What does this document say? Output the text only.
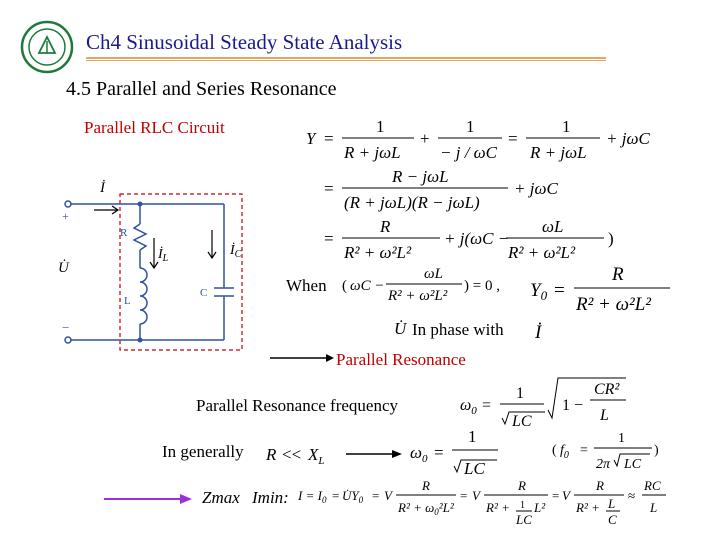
Ch4 Sinusoidal Steady State Analysis
4.5 Parallel and Series Resonance
Parallel RLC Circuit
+
−
R
L
C
İ
$İ_L$
$İ_C$
U̇
Y =
1
R + jωL
+
1
− j / ωC
=
1
R + jωL
+ jωC
=
R − jωL
(R + jωL)(R − jωL)
+ jωC
=
R
R² + ω²L²
+ j(ωC −
ωL
R² + ω²L²
)
When ( ωC −
ωL
R² + ω²L²
) = 0 , $Y_0$ =
R
R² + ω²L²
U̇ In phase with İ
Parallel Resonance
Parallel Resonance frequency	$\omega_0$ =
1
LC
1 −
CR²
L
In generally $R << X_L$	$\omega_0$ =
1
LC
( $f_0$ =
1
2π LC
)
Zmax Imin: $I = I_0$ = $U̇Y_0 = V$
R
$R^2 + \omega_0^2L^2$
= V
R
R² + 1
LC
L²
= V
R
R² + L
C
≈
RC
L
